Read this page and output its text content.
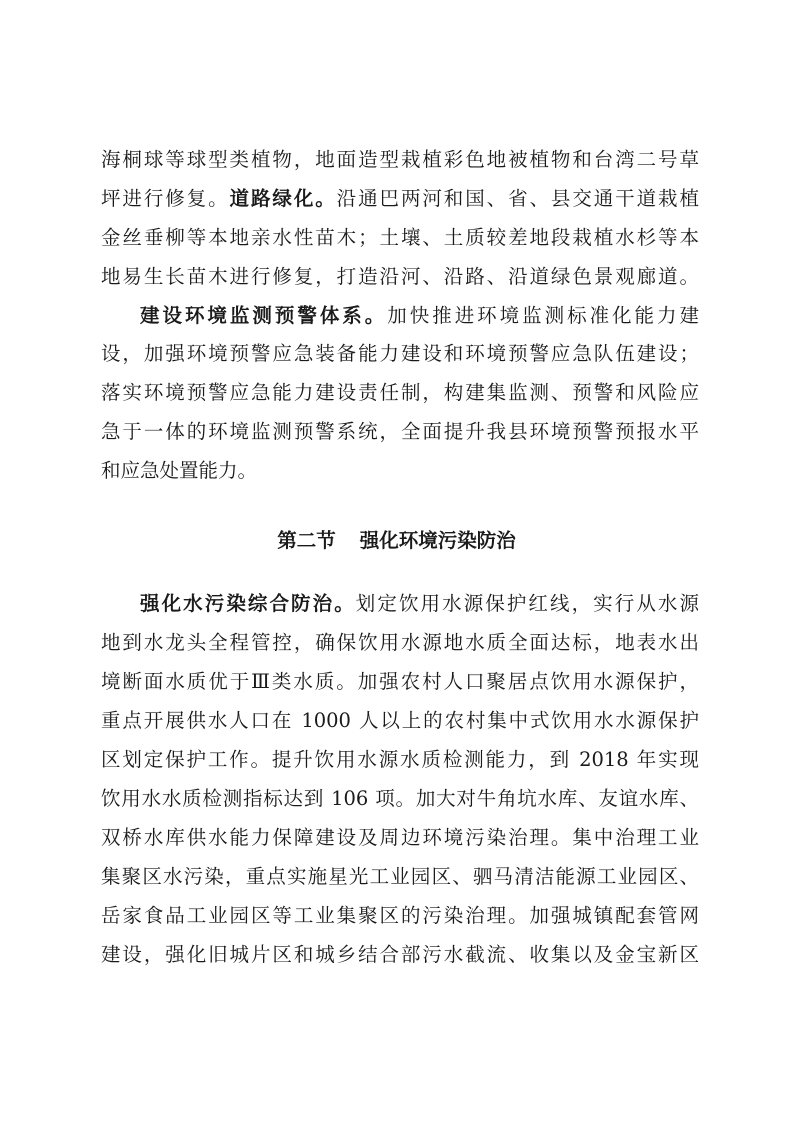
海桐球等球型类植物，地面造型栽植彩色地被植物和台湾二号草
坪进行修复。道路绿化。沿通巴两河和国、省、县交通干道栽植
金丝垂柳等本地亲水性苗木；土壤、土质较差地段栽植水杉等本
地易生长苗木进行修复，打造沿河、沿路、沿道绿色景观廊道。
建设环境监测预警体系。加快推进环境监测标准化能力建
设，加强环境预警应急装备能力建设和环境预警应急队伍建设；
落实环境预警应急能力建设责任制，构建集监测、预警和风险应
急于一体的环境监测预警系统，全面提升我县环境预警预报水平
和应急处置能力。
第二节 强化环境污染防治
强化水污染综合防治。划定饮用水源保护红线，实行从水源
地到水龙头全程管控，确保饮用水源地水质全面达标，地表水出
境断面水质优于Ⅲ类水质。加强农村人口聚居点饮用水源保护，
重点开展供水人口在 1000 人以上的农村集中式饮用水水源保护
区划定保护工作。提升饮用水源水质检测能力，到 2018 年实现
饮用水水质检测指标达到 106 项。加大对牛角坑水库、友谊水库、
双桥水库供水能力保障建设及周边环境污染治理。集中治理工业
集聚区水污染，重点实施星光工业园区、驷马清洁能源工业园区、
岳家食品工业园区等工业集聚区的污染治理。加强城镇配套管网
建设，强化旧城片区和城乡结合部污水截流、收集以及金宝新区
